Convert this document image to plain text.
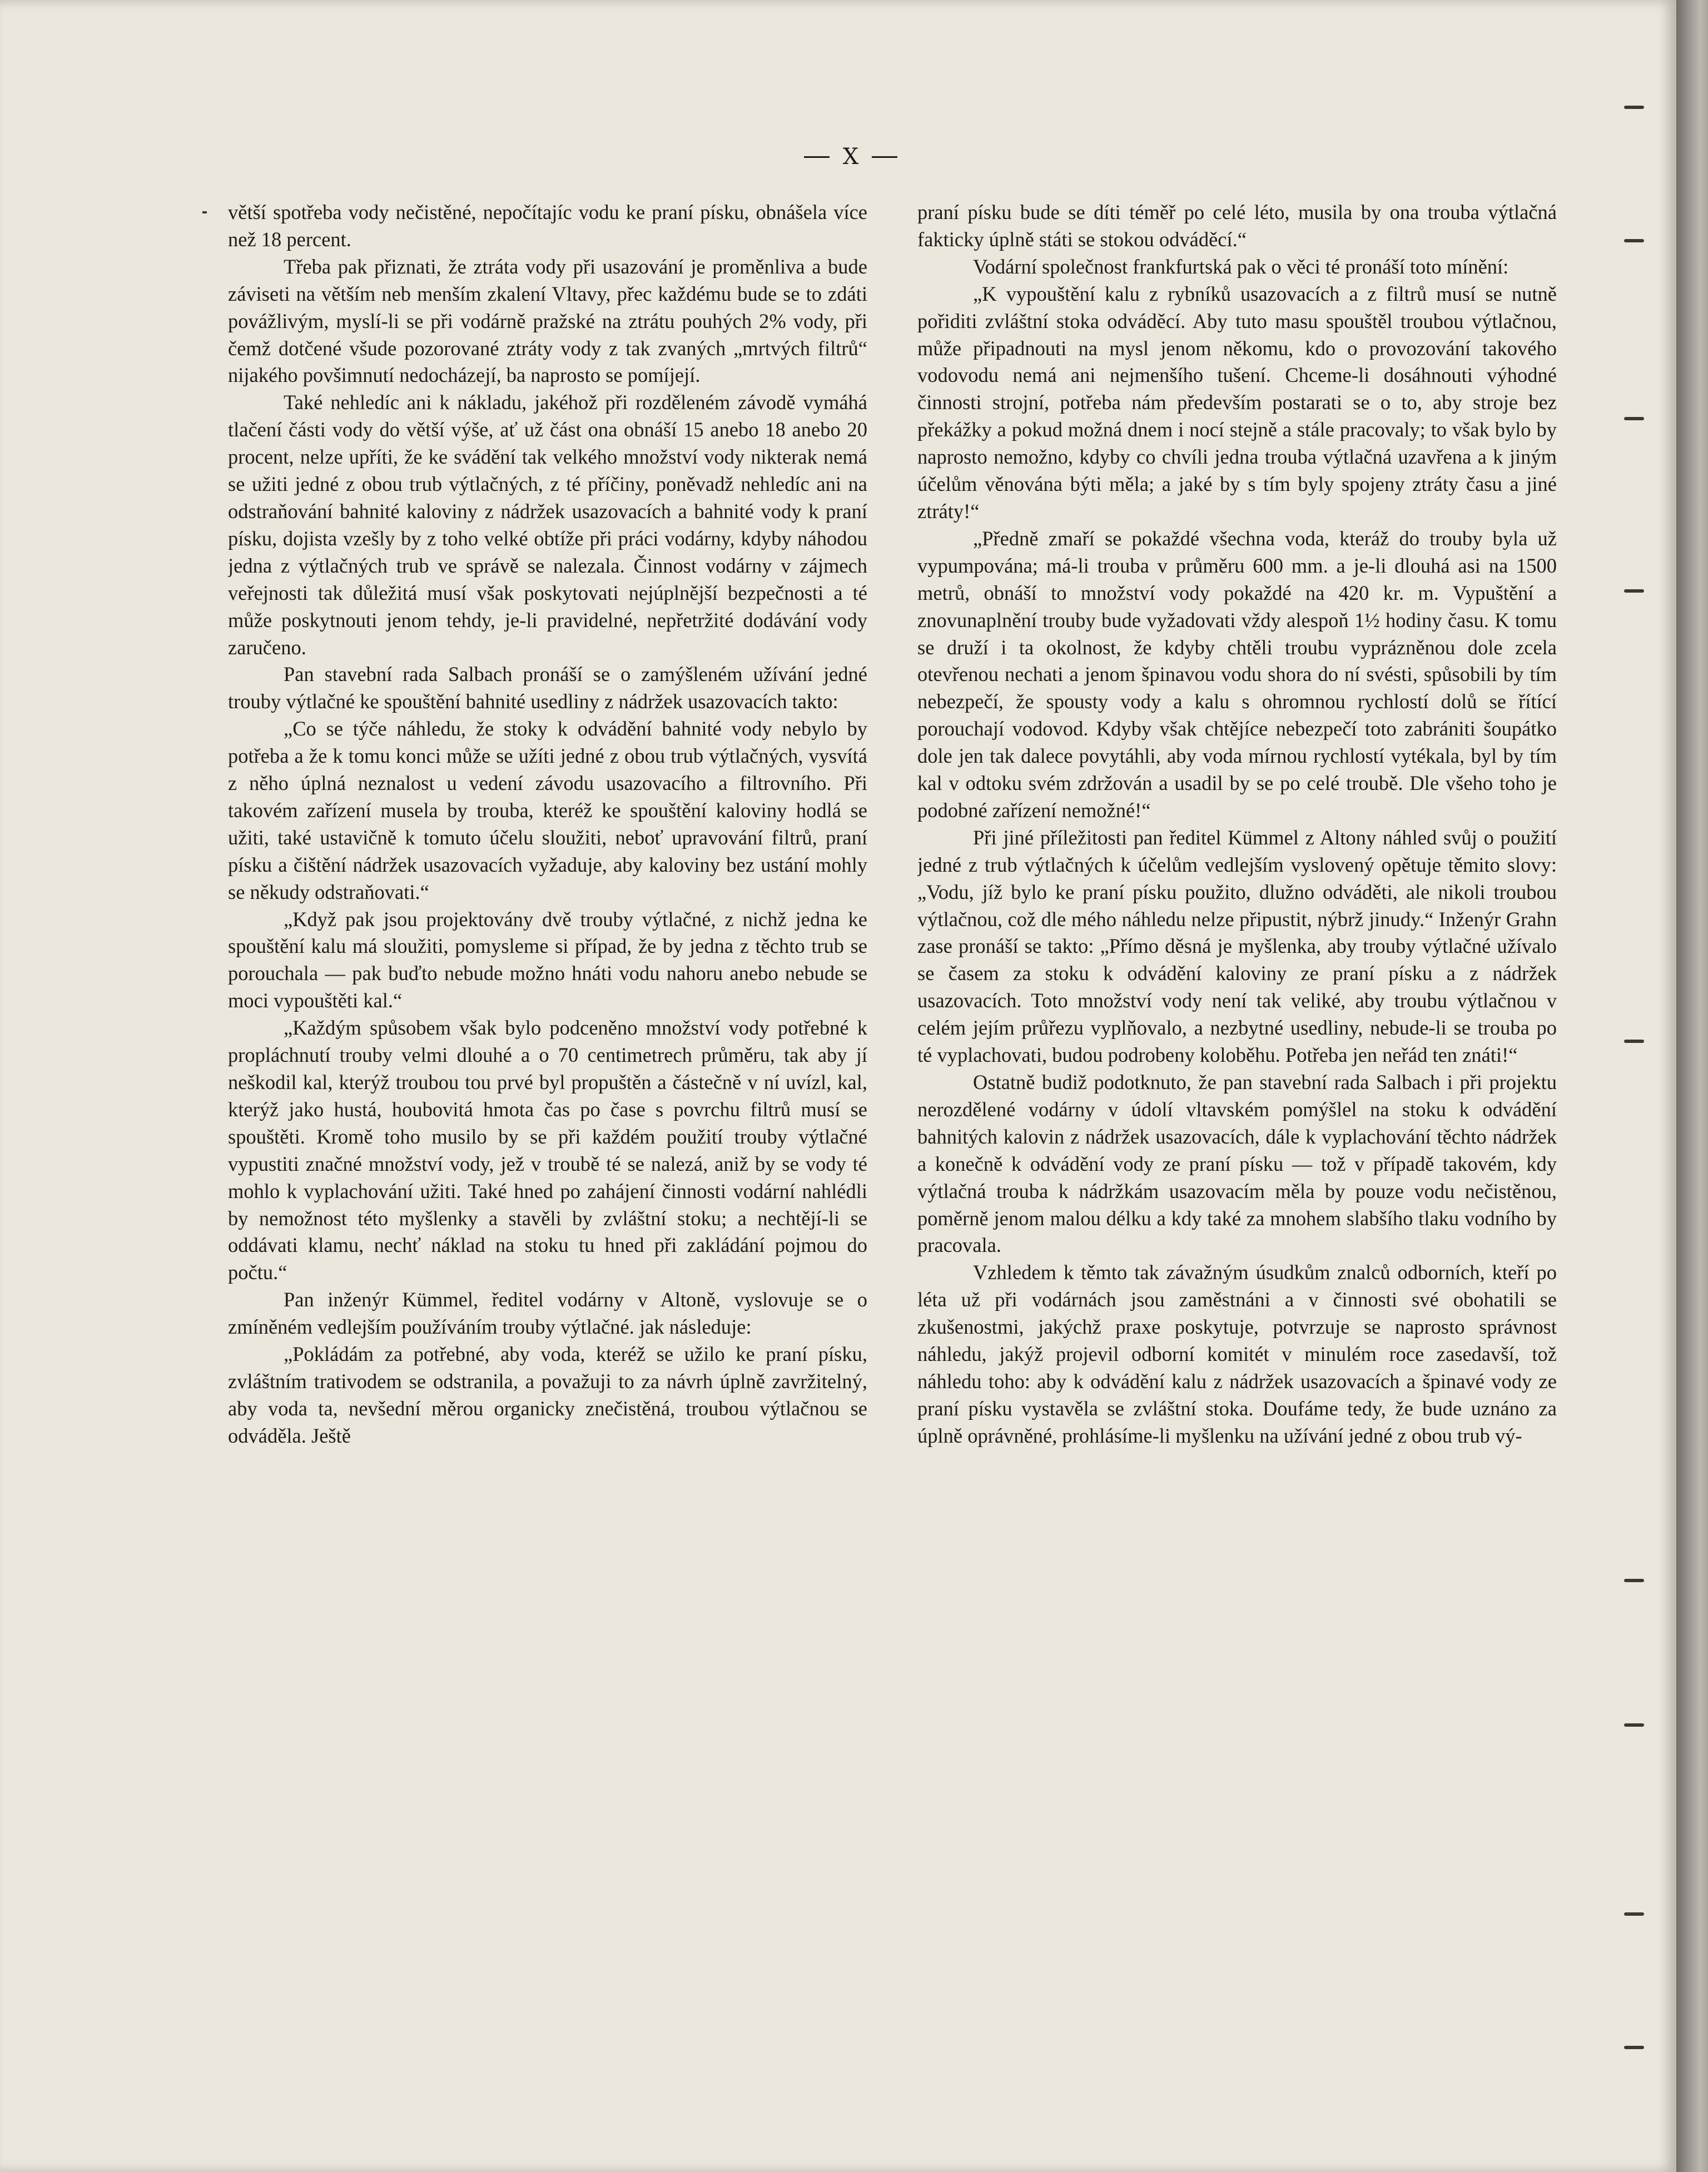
X

větší spotřeba vody nečistěné, nepočítajíc vodu ke praní písku, obnášela více než 18 percent.

Třeba pak přiznati, že ztráta vody při usazování je proměnliva a bude záviseti na větším neb menším zkalení Vltavy, přec každému bude se to zdáti povážlivým, myslí-li se při vodárně pražské na ztrátu pouhých 2% vody, při čemž dotčené všude pozorované ztráty vody z tak zvaných „mrtvých filtrů“ nijakého povšimnutí nedocházejí, ba naprosto se pomíjejí.

Také nehledíc ani k nákladu, jakéhož při rozděleném závodě vymáhá tlačení části vody do větší výše, ať už část ona obnáší 15 anebo 18 anebo 20 procent, nelze upříti, že ke svádění tak velkého množství vody nikterak nemá se užiti jedné z obou trub výtlačných, z té příčiny, poněvadž nehledíc ani na odstraňování bahnité kaloviny z nádržek usazovacích a bahnité vody k praní písku, dojista vzešly by z toho velké obtíže při práci vodárny, kdyby náhodou jedna z výtlačných trub ve správě se nalezala. Činnost vodárny v zájmech veřejnosti tak důležitá musí však poskytovati nejúplnější bezpečnosti a té může poskytnouti jenom tehdy, je-li pravidelné, nepřetržité dodávání vody zaručeno.

Pan stavební rada Salbach pronáší se o zamýšleném užívání jedné trouby výtlačné ke spouštění bahnité usedliny z nádržek usazovacích takto:

„Co se týče náhledu, že stoky k odvádění bahnité vody nebylo by potřeba a že k tomu konci může se užíti jedné z obou trub výtlačných, vysvítá z něho úplná neznalost u vedení závodu usazovacího a filtrovního. Při takovém zařízení musela by trouba, kteréž ke spouštění kaloviny hodlá se užiti, také ustavičně k tomuto účelu sloužiti, neboť upravování filtrů, praní písku a čištění nádržek usazovacích vyžaduje, aby kaloviny bez ustání mohly se někudy odstraňovati.“

„Když pak jsou projektovány dvě trouby výtlačné, z nichž jedna ke spouštění kalu má sloužiti, pomysleme si případ, že by jedna z těchto trub se porouchala — pak buďto nebude možno hnáti vodu nahoru anebo nebude se moci vypouštěti kal.“

„Každým spůsobem však bylo podceněno množství vody potřebné k propláchnutí trouby velmi dlouhé a o 70 centimetrech průměru, tak aby jí neškodil kal, kterýž troubou tou prvé byl propuštěn a částečně v ní uvízl, kal, kterýž jako hustá, houbovitá hmota čas po čase s povrchu filtrů musí se spouštěti. Kromě toho musilo by se při každém použití trouby výtlačné vypustiti značné množství vody, jež v troubě té se nalezá, aniž by se vody té mohlo k vyplachování užiti. Také hned po zahájení činnosti vodární nahlédli by nemožnost této myšlenky a stavěli by zvláštní stoku; a nechtějí-li se oddávati klamu, nechť náklad na stoku tu hned při zakládání pojmou do počtu.“

Pan inženýr Kümmel, ředitel vodárny v Altoně, vyslovuje se o zmíněném vedlejším používáním trouby výtlačné. jak následuje:

„Pokládám za potřebné, aby voda, kteréž se užilo ke praní písku, zvláštním trativodem se odstranila, a považuji to za návrh úplně zavržitelný, aby voda ta, nevšední měrou organicky znečistěná, troubou výtlačnou se odváděla. Ještě

praní písku bude se díti téměř po celé léto, musila by ona trouba výtlačná fakticky úplně státi se stokou odváděcí.“

Vodární společnost frankfurtská pak o věci té pronáší toto mínění:

„K vypouštění kalu z rybníků usazovacích a z filtrů musí se nutně pořiditi zvláštní stoka odváděcí. Aby tuto masu spouštěl troubou výtlačnou, může připadnouti na mysl jenom někomu, kdo o provozování takového vodovodu nemá ani nejmenšího tušení. Chceme-li dosáhnouti výhodné činnosti strojní, potřeba nám především postarati se o to, aby stroje bez překážky a pokud možná dnem i nocí stejně a stále pracovaly; to však bylo by naprosto nemožno, kdyby co chvíli jedna trouba výtlačná uzavřena a k jiným účelům věnována býti měla; a jaké by s tím byly spojeny ztráty času a jiné ztráty!“

„Předně zmaří se pokaždé všechna voda, kteráž do trouby byla už vypumpována; má-li trouba v průměru 600 mm. a je-li dlouhá asi na 1500 metrů, obnáší to množství vody pokaždé na 420 kr. m. Vypuštění a znovunaplnění trouby bude vyžadovati vždy alespoň 1½ hodiny času. K tomu se druží i ta okolnost, že kdyby chtěli troubu vyprázněnou dole zcela otevřenou nechati a jenom špinavou vodu shora do ní svésti, spůsobili by tím nebezpečí, že spousty vody a kalu s ohromnou rychlostí dolů se řítící porouchají vodovod. Kdyby však chtějíce nebezpečí toto zabrániti šoupátko dole jen tak dalece povytáhli, aby voda mírnou rychlostí vytékala, byl by tím kal v odtoku svém zdržován a usadil by se po celé troubě. Dle všeho toho je podobné zařízení nemožné!“

Při jiné příležitosti pan ředitel Kümmel z Altony náhled svůj o použití jedné z trub výtlačných k účelům vedlejším vyslovený opětuje těmito slovy: „Vodu, jíž bylo ke praní písku použito, dlužno odváděti, ale nikoli troubou výtlačnou, což dle mého náhledu nelze připustit, nýbrž jinudy.“ Inženýr Grahn zase pronáší se takto: „Přímo děsná je myšlenka, aby trouby výtlačné užívalo se časem za stoku k odvádění kaloviny ze praní písku a z nádržek usazovacích. Toto množství vody není tak veliké, aby troubu výtlačnou v celém jejím průřezu vyplňovalo, a nezbytné usedliny, nebude-li se trouba po té vyplachovati, budou podrobeny koloběhu. Potřeba jen neřád ten znáti!“

Ostatně budiž podotknuto, že pan stavební rada Salbach i při projektu nerozdělené vodárny v údolí vltavském pomýšlel na stoku k odvádění bahnitých kalovin z nádržek usazovacích, dále k vyplachování těchto nádržek a konečně k odvádění vody ze praní písku — tož v případě takovém, kdy výtlačná trouba k nádržkám usazovacím měla by pouze vodu nečistěnou, poměrně jenom malou délku a kdy také za mnohem slabšího tlaku vodního by pracovala.

Vzhledem k těmto tak závažným úsudkům znalců odborních, kteří po léta už při vodárnách jsou zaměstnáni a v činnosti své obohatili se zkušenostmi, jakýchž praxe poskytuje, potvrzuje se naprosto správnost náhledu, jakýž projevil odborní komitét v minulém roce zasedavší, tož náhledu toho: aby k odvádění kalu z nádržek usazovacích a špinavé vody ze praní písku vystavěla se zvláštní stoka. Doufáme tedy, že bude uznáno za úplně oprávněné, prohlásíme-li myšlenku na užívání jedné z obou trub vý-
